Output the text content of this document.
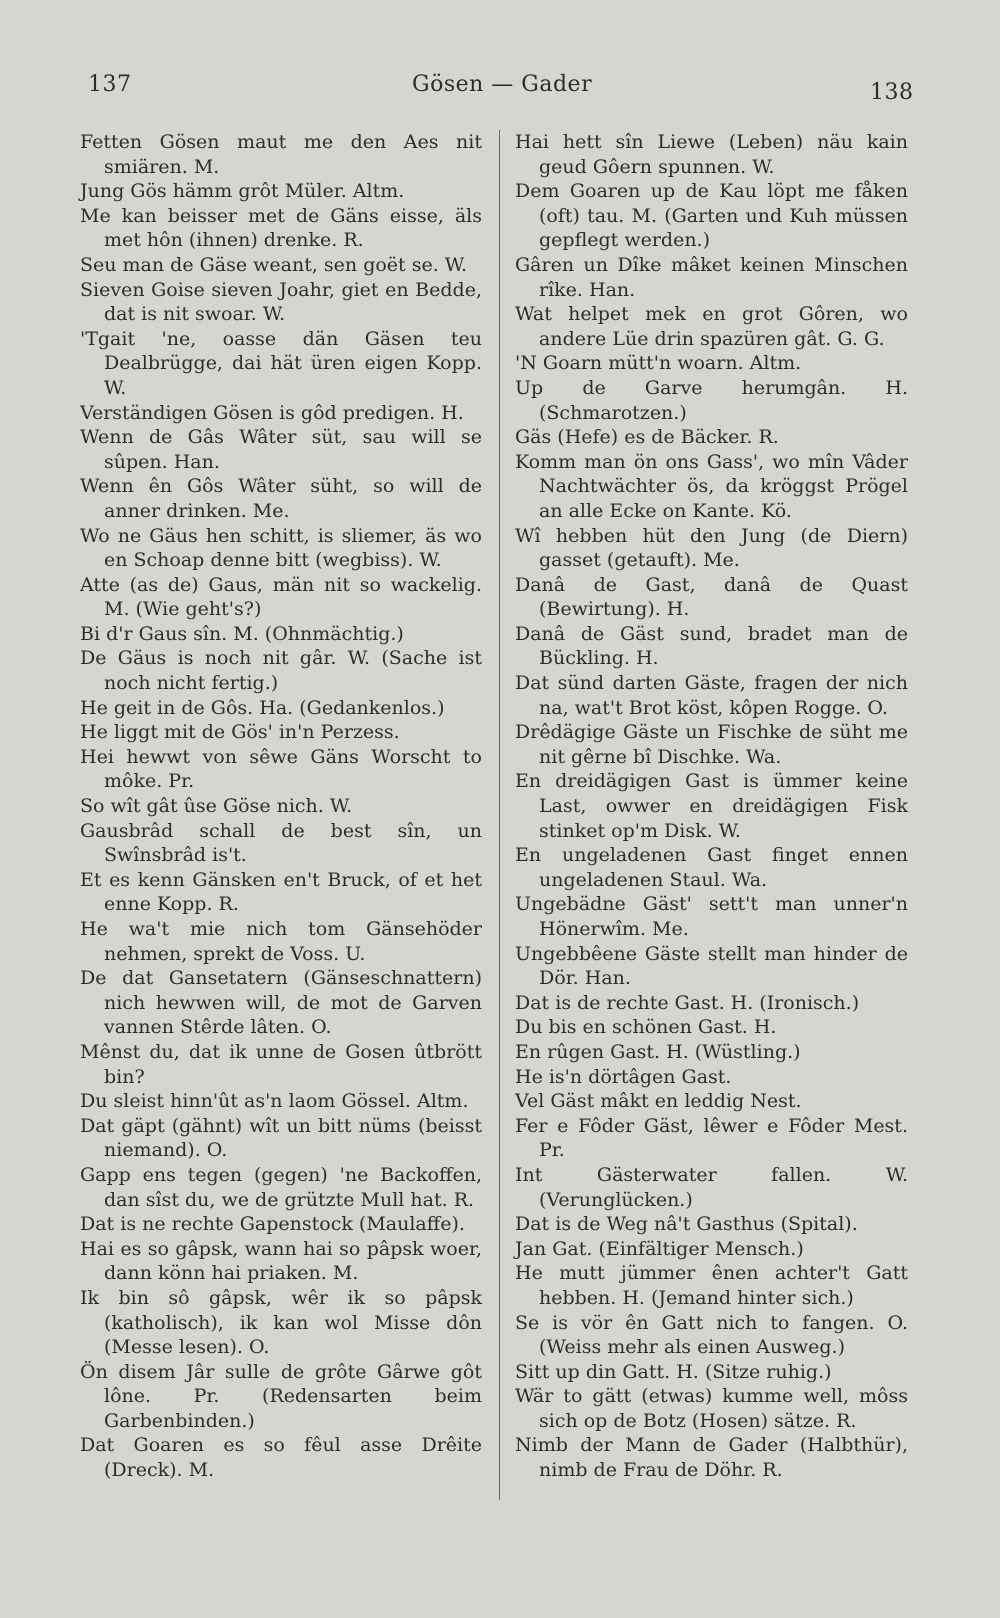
137	Gösen — Gader	138

Fetten Gösen maut me den Aes nit smiären. M.

Jung Gös hämm grôt Müler. Altm.

Me kan beisser met de Gäns eisse, äls met hôn (ihnen) drenke. R.

Seu man de Gäse weant, sen goët se. W.

Sieven Goise sieven Joahr, giet en Bedde, dat is nit swoar. W.

'Tgait 'ne, oasse dän Gäsen teu Dealbrügge, dai hät üren eigen Kopp. W.

Verständigen Gösen is gôd predigen. H.

Wenn de Gâs Wâter süt, sau will se sûpen. Han.

Wenn ên Gôs Wâter süht, so will de anner drinken. Me.

Wo ne Gäus hen schitt, is sliemer, äs wo en Schoap denne bitt (wegbiss). W.

Atte (as de) Gaus, män nit so wackelig. M. (Wie geht's?)

Bi d'r Gaus sîn. M. (Ohnmächtig.)

De Gäus is noch nit gâr. W. (Sache ist noch nicht fertig.)

He geit in de Gôs. Ha. (Gedankenlos.)

He liggt mit de Gös' in'n Perzess.

Hei hewwt von sêwe Gäns Worscht to môke. Pr.

So wît gât ûse Göse nich. W.

Gausbrâd schall de best sîn, un Swînsbrâd is't.

Et es kenn Gänsken en't Bruck, of et het enne Kopp. R.

He wa't mie nich tom Gänsehöder nehmen, sprekt de Voss. U.

De dat Gansetatern (Gänseschnattern) nich hewwen will, de mot de Garven vannen Stêrde lâten. O.

Mênst du, dat ik unne de Gosen ûtbrött bin?

Du sleist hinn'ût as'n laom Gössel. Altm.

Dat gäpt (gähnt) wît un bitt nüms (beisst niemand). O.

Gapp ens tegen (gegen) 'ne Backoffen, dan sîst du, we de grützte Mull hat. R.

Dat is ne rechte Gapenstock (Maulaffe).

Hai es so gâpsk, wann hai so pâpsk woer, dann könn hai priaken. M.

Ik bin sô gâpsk, wêr ik so pâpsk (katholisch), ik kan wol Misse dôn (Messe lesen). O.

Ön disem Jâr sulle de grôte Gârwe gôt lône. Pr. (Redensarten beim Garbenbinden.)

Dat Goaren es so fêul asse Drêite (Dreck). M.

Hai hett sîn Liewe (Leben) näu kain geud Gôern spunnen. W.

Dem Goaren up de Kau löpt me fåken (oft) tau. M. (Garten und Kuh müssen gepflegt werden.)

Gâren un Dîke mâket keinen Minschen rîke. Han.

Wat helpet mek en grot Gôren, wo andere Lüe drin spazüren gât. G. G.

'N Goarn mütt'n woarn. Altm.

Up de Garve herumgân. H. (Schmarotzen.)

Gäs (Hefe) es de Bäcker. R.

Komm man ön ons Gass', wo mîn Vâder Nachtwächter ös, da kröggst Prögel an alle Ecke on Kante. Kö.

Wî hebben hüt den Jung (de Diern) gasset (getauft). Me.

Danâ de Gast, danâ de Quast (Bewirtung). H.

Danâ de Gäst sund, bradet man de Bückling. H.

Dat sünd darten Gäste, fragen der nich na, wat't Brot köst, kôpen Rogge. O.

Drêdägige Gäste un Fischke de süht me nit gêrne bî Dischke. Wa.

En dreidägigen Gast is ümmer keine Last, owwer en dreidägigen Fisk stinket op'm Disk. W.

En ungeladenen Gast finget ennen ungeladenen Staul. Wa.

Ungebädne Gäst' sett't man unner'n Hönerwîm. Me.

Ungebbêene Gäste stellt man hinder de Dör. Han.

Dat is de rechte Gast. H. (Ironisch.)

Du bis en schönen Gast. H.

En rûgen Gast. H. (Wüstling.)

He is'n dörtâgen Gast.

Vel Gäst mâkt en leddig Nest.

Fer e Fôder Gäst, lêwer e Fôder Mest. Pr.

Int Gästerwater fallen. W. (Verunglücken.)

Dat is de Weg nâ't Gasthus (Spital).

Jan Gat. (Einfältiger Mensch.)

He mutt jümmer ênen achter't Gatt hebben. H. (Jemand hinter sich.)

Se is vör ên Gatt nich to fangen. O. (Weiss mehr als einen Ausweg.)

Sitt up din Gatt. H. (Sitze ruhig.)

Wär to gätt (etwas) kumme well, môss sich op de Botz (Hosen) sätze. R.

Nimb der Mann de Gader (Halbthür), nimb de Frau de Döhr. R.
